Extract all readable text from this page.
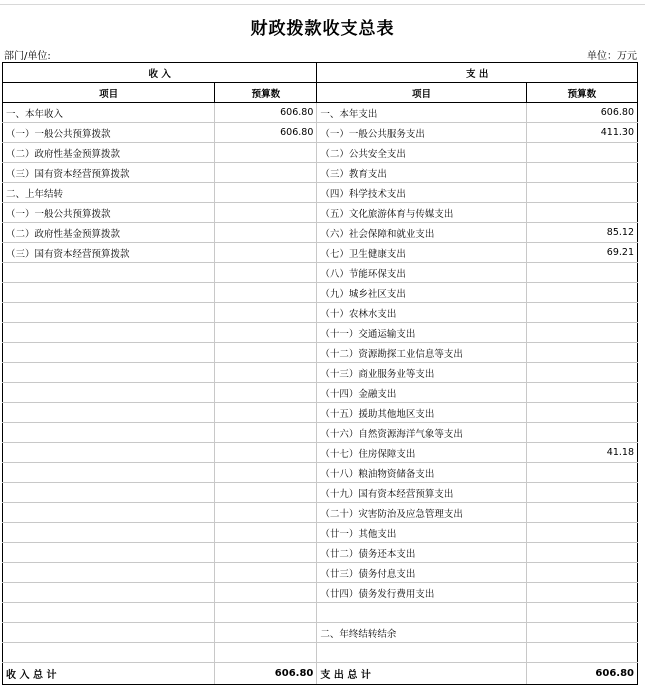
财政拨款收支总表
部门/单位:	单位：万元
收 入		支 出	
项目	预算数	项目	预算数
一、本年收入	606.80	一、本年支出	606.80
（一）一般公共预算拨款	606.80	（一）一般公共服务支出	411.30
（二）政府性基金预算拨款		（二）公共安全支出	
（三）国有资本经营预算拨款		（三）教育支出	
二、上年结转		（四）科学技术支出	
（一）一般公共预算拨款		（五）文化旅游体育与传媒支出	
（二）政府性基金预算拨款		（六）社会保障和就业支出	85.12
（三）国有资本经营预算拨款		（七）卫生健康支出	69.21
		（八）节能环保支出	
		（九）城乡社区支出	
		（十）农林水支出	
		（十一）交通运输支出	
		（十二）资源勘探工业信息等支出	
		（十三）商业服务业等支出	
		（十四）金融支出	
		（十五）援助其他地区支出	
		（十六）自然资源海洋气象等支出	
		（十七）住房保障支出	41.18
		（十八）粮油物资储备支出	
		（十九）国有资本经营预算支出	
		（二十）灾害防治及应急管理支出	
		（廿一）其他支出	
		（廿二）债务还本支出	
		（廿三）债务付息支出	
		（廿四）债务发行费用支出	

		二、年终结转结余	

收 入 总 计	606.80	支 出 总 计	606.80
